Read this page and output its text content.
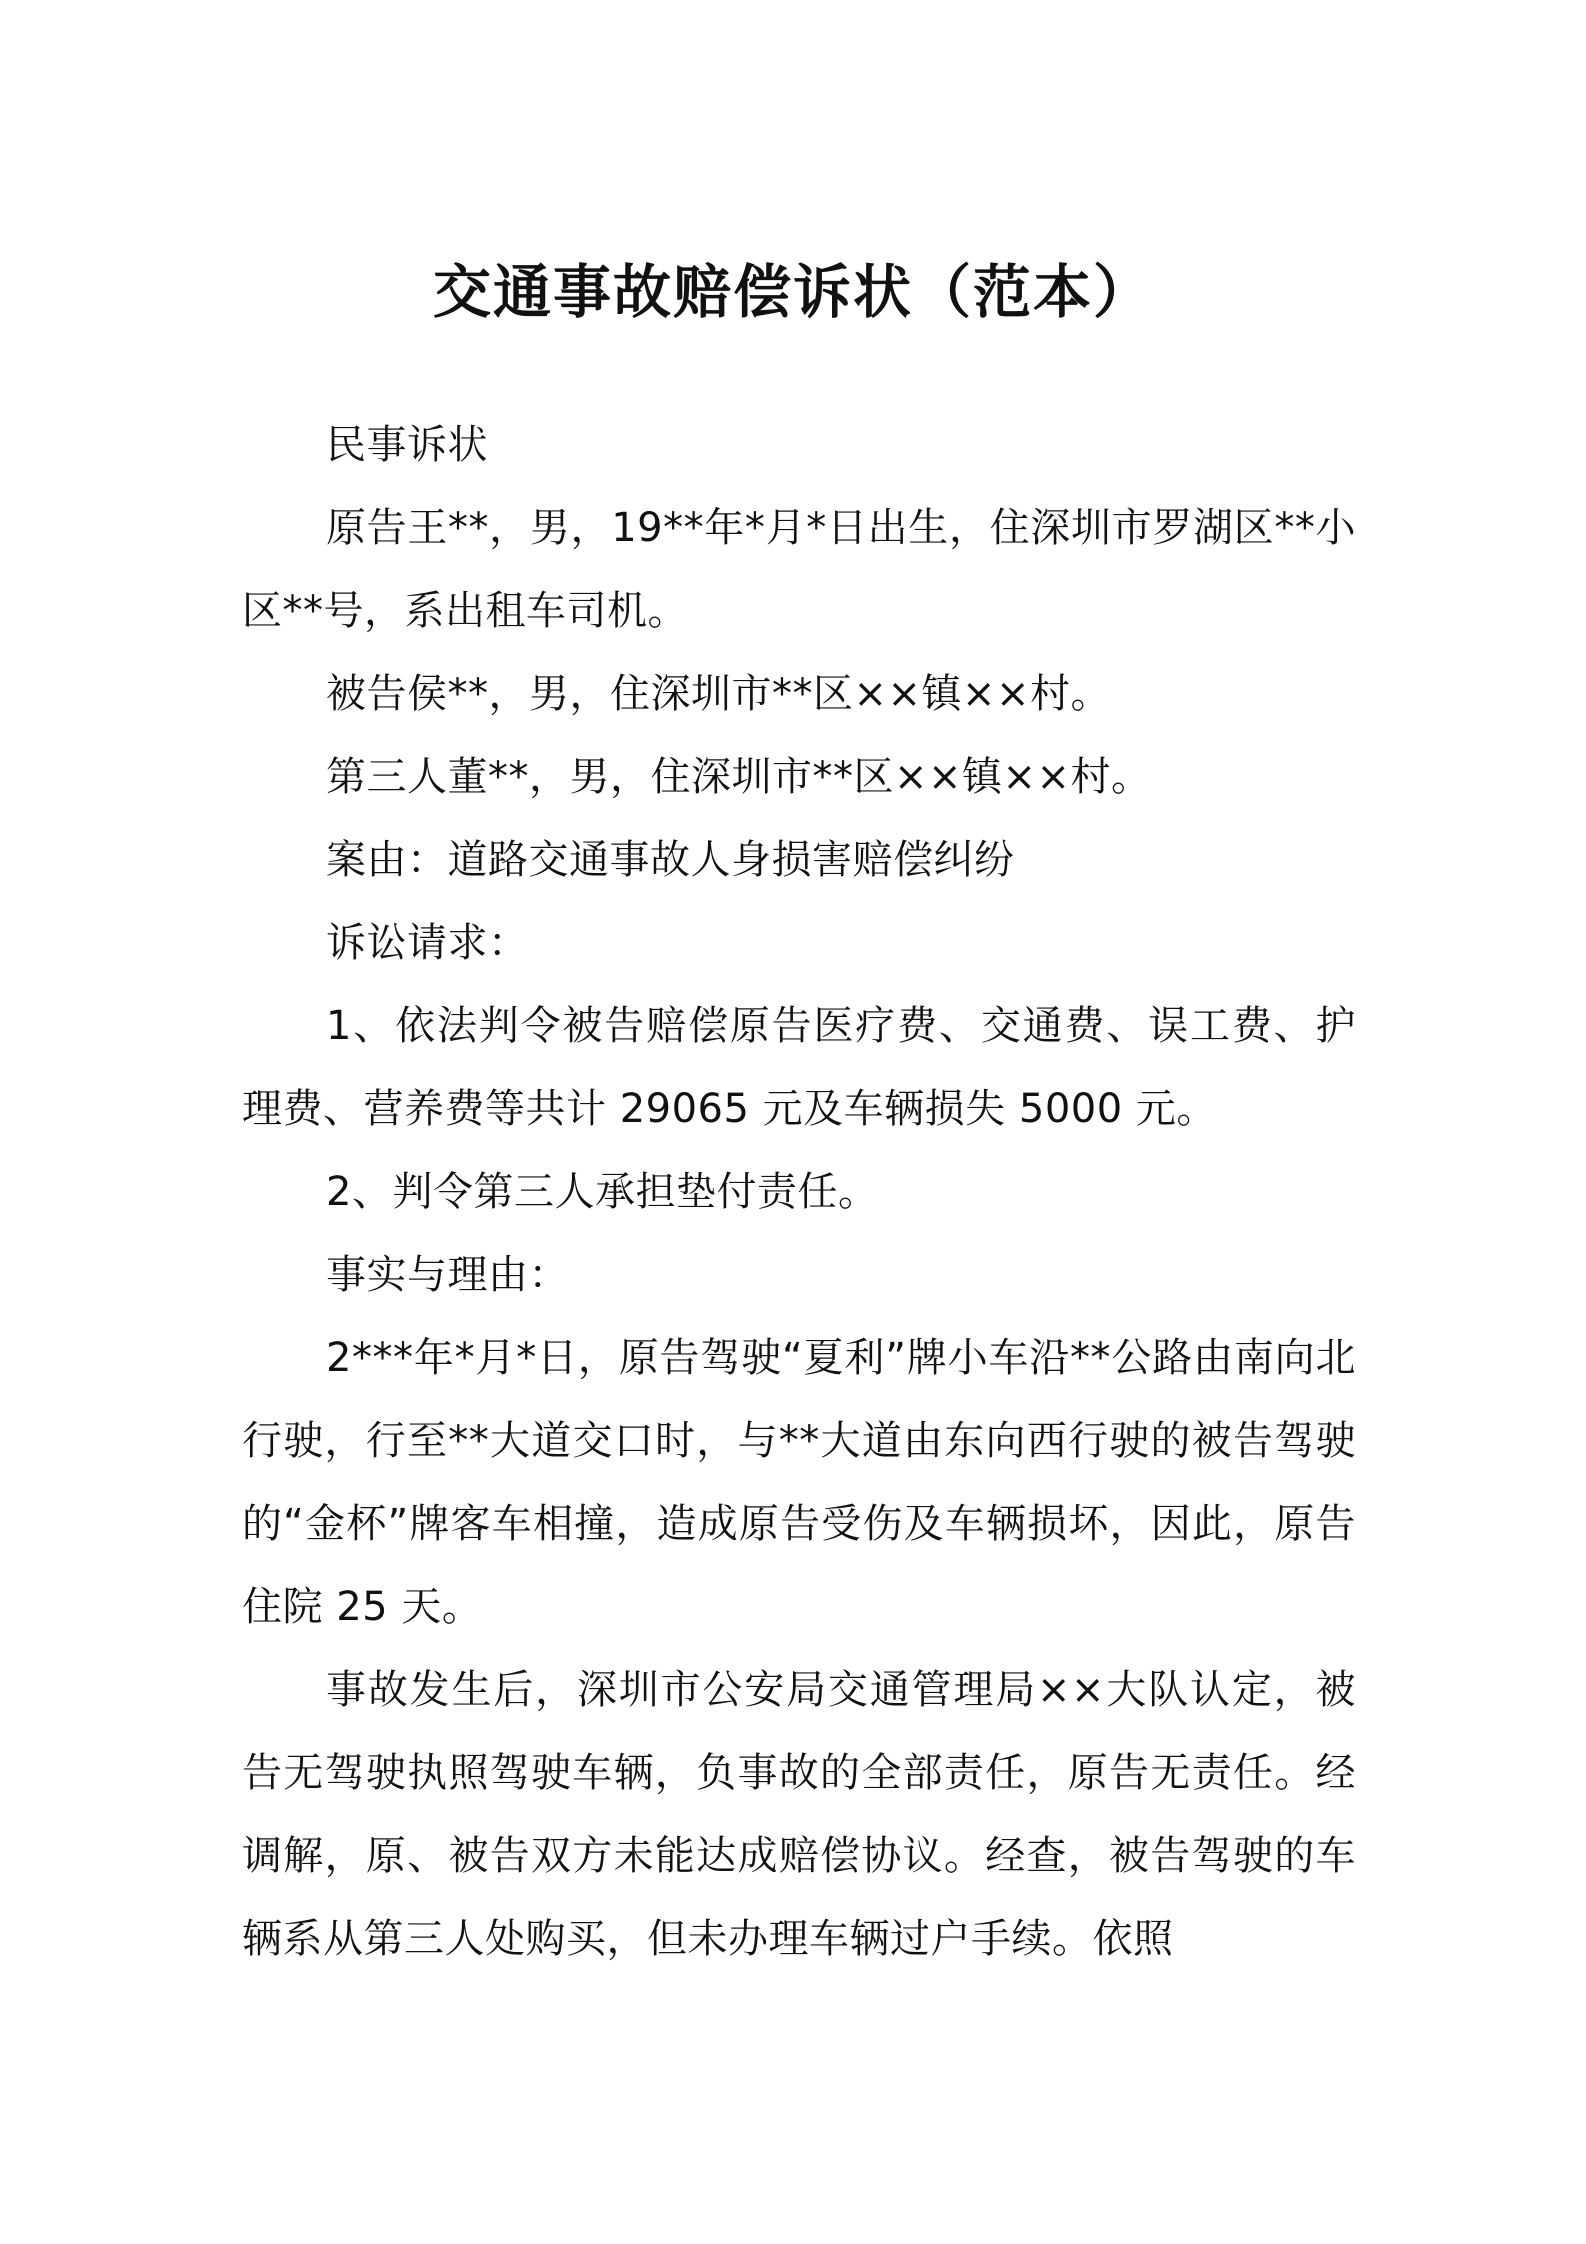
交通事故赔偿诉状（范本）

民事诉状

原告王**，男，19**年*月*日出生，住深圳市罗湖区**小区**号，系出租车司机。

被告侯**，男，住深圳市**区××镇××村。

第三人董**，男，住深圳市**区××镇××村。

案由：道路交通事故人身损害赔偿纠纷

诉讼请求：

1、依法判令被告赔偿原告医疗费、交通费、误工费、护理费、营养费等共计 29065 元及车辆损失 5000 元。

2、判令第三人承担垫付责任。

事实与理由：

2***年*月*日，原告驾驶“夏利”牌小车沿**公路由南向北行驶，行至**大道交口时，与**大道由东向西行驶的被告驾驶的“金杯”牌客车相撞，造成原告受伤及车辆损坏，因此，原告住院 25 天。

事故发生后，深圳市公安局交通管理局××大队认定，被告无驾驶执照驾驶车辆，负事故的全部责任，原告无责任。经调解，原、被告双方未能达成赔偿协议。经查，被告驾驶的车辆系从第三人处购买，但未办理车辆过户手续。依照
